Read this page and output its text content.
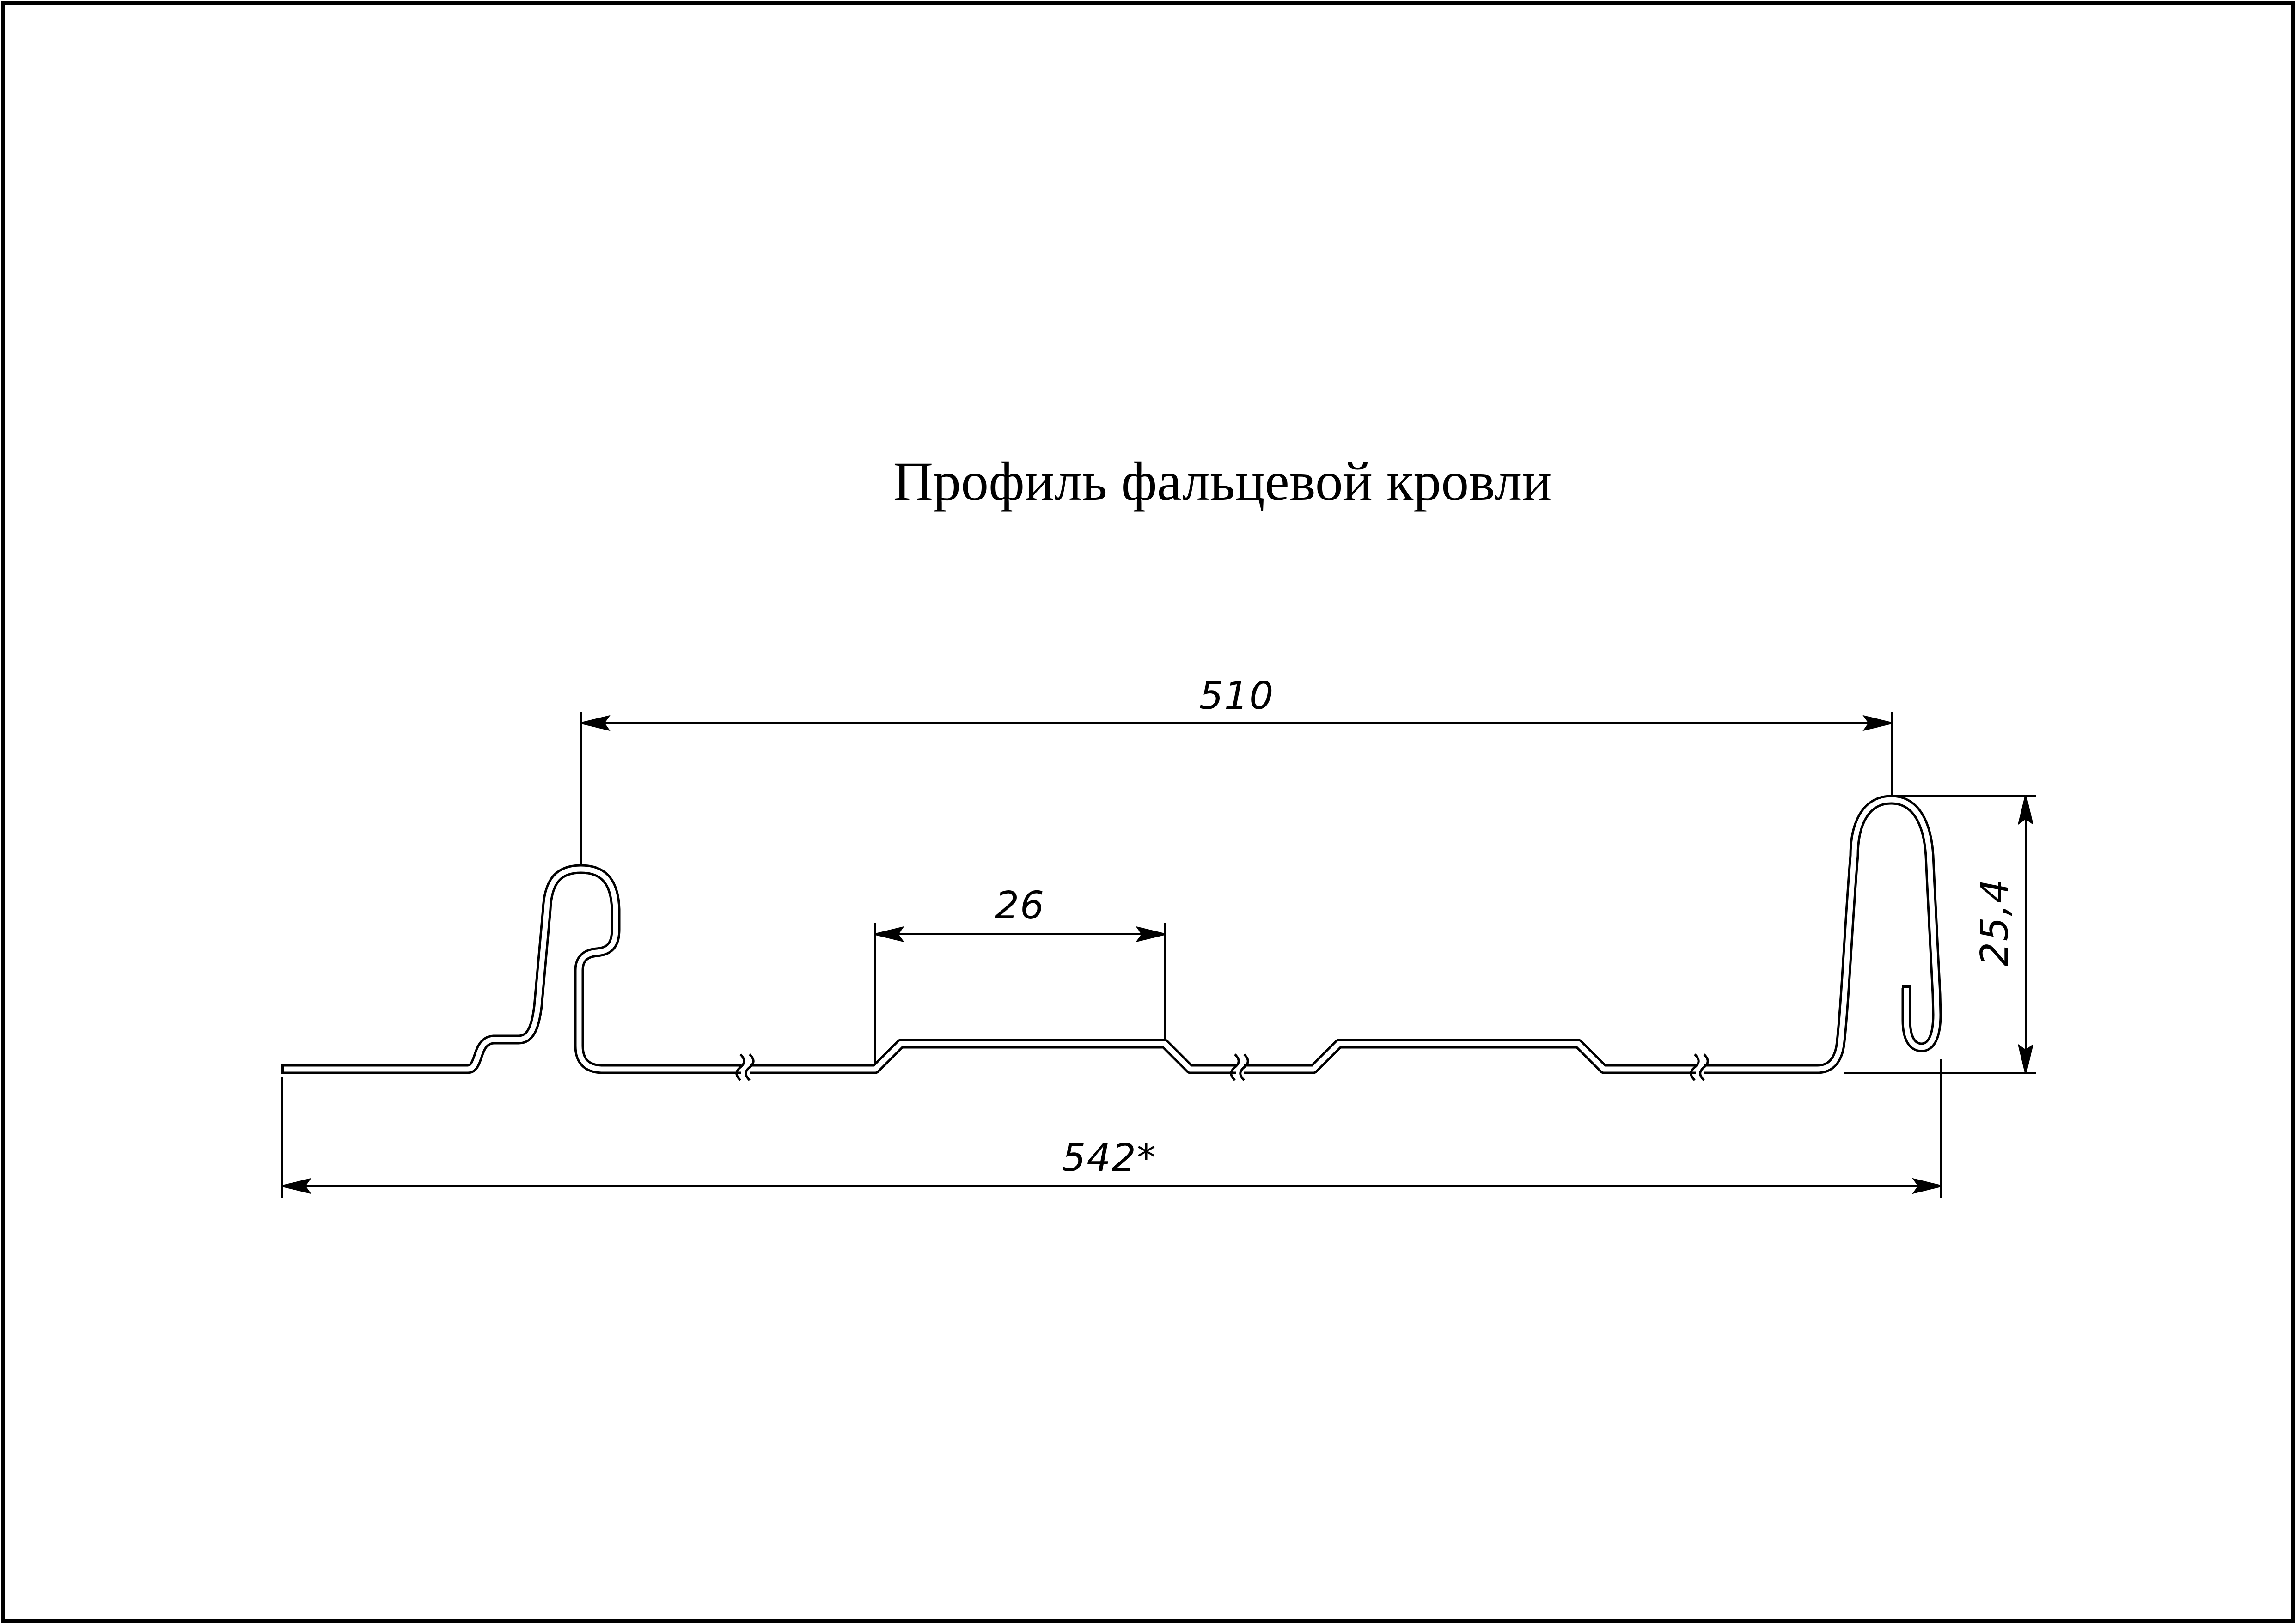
Профиль фальцевой кровли
510
26
542*
25,4
